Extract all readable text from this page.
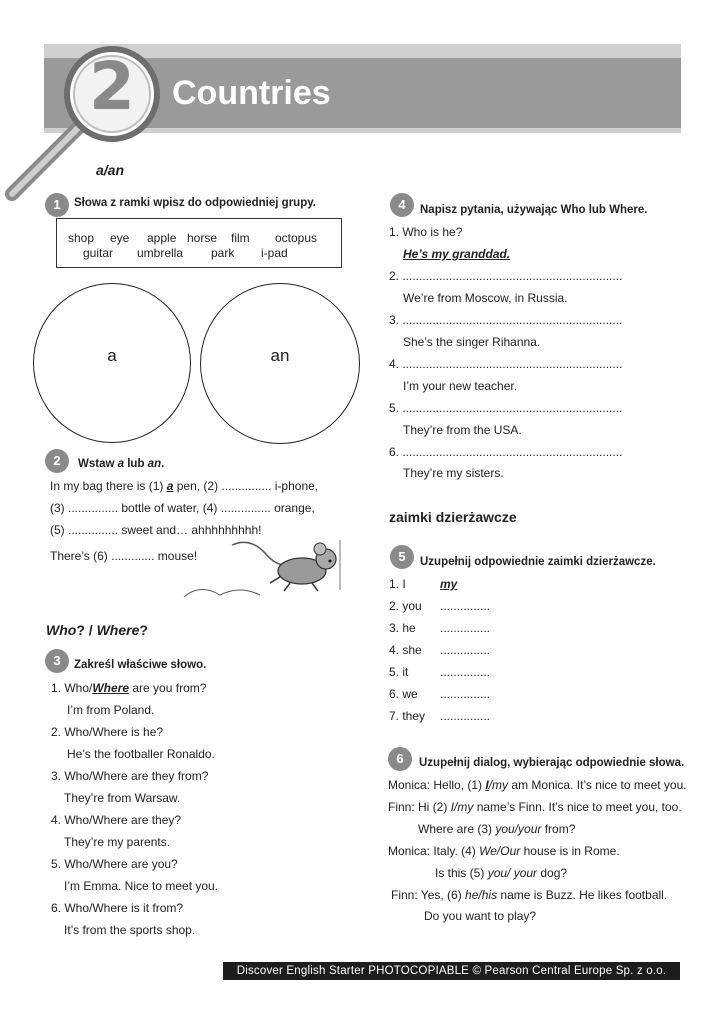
2 Countries
a/an
1	Słowa z ramki wpisz do odpowiedniej grupy.
shop eye apple horse film octopus
guitar umbrella park i-pad
a	an
2	Wstaw a lub an.
In my bag there is (1) a pen, (2) ............... i-phone,
(3) ............... bottle of water, (4) ............... orange,
(5) ............... sweet and… ahhhhhhhhh!
There’s (6) ............. mouse!
Who? / Where?
3	Zakreśl właściwe słowo.
1. Who/Where are you from?
I’m from Poland.
2. Who/Where is he?
He’s the footballer Ronaldo.
3. Who/Where are they from?
They’re from Warsaw.
4. Who/Where are they?
They’re my parents.
5. Who/Where are you?
I’m Emma. Nice to meet you.
6. Who/Where is it from?
It’s from the sports shop.
4	Napisz pytania, używając Who lub Where.
1. Who is he?
He’s my granddad.
2. ..................................................................
We’re from Moscow, in Russia.
3. ..................................................................
She’s the singer Rihanna.
4. ..................................................................
I’m your new teacher.
5. ..................................................................
They’re from the USA.
6. ..................................................................
They’re my sisters.
zaimki dzierżawcze
5	Uzupełnij odpowiednie zaimki dzierżawcze.
1. I	my
2. you ...............
3. he ...............
4. she ...............
5. it	...............
6. we ...............
7. they ...............
6	Uzupełnij dialog, wybierając odpowiednie słowa.
Monica: Hello, (1) I/my am Monica. It’s nice to meet you.
Finn: Hi (2) I/my name’s Finn. It’s nice to meet you, too.
Where are (3) you/your from?
Monica: Italy. (4) We/Our house is in Rome.
Is this (5) you/ your dog?
Finn: Yes, (6) he/his name is Buzz. He likes football.
Do you want to play?
Discover English Starter PHOTOCOPIABLE © Pearson Central Europe Sp. z o.o.
